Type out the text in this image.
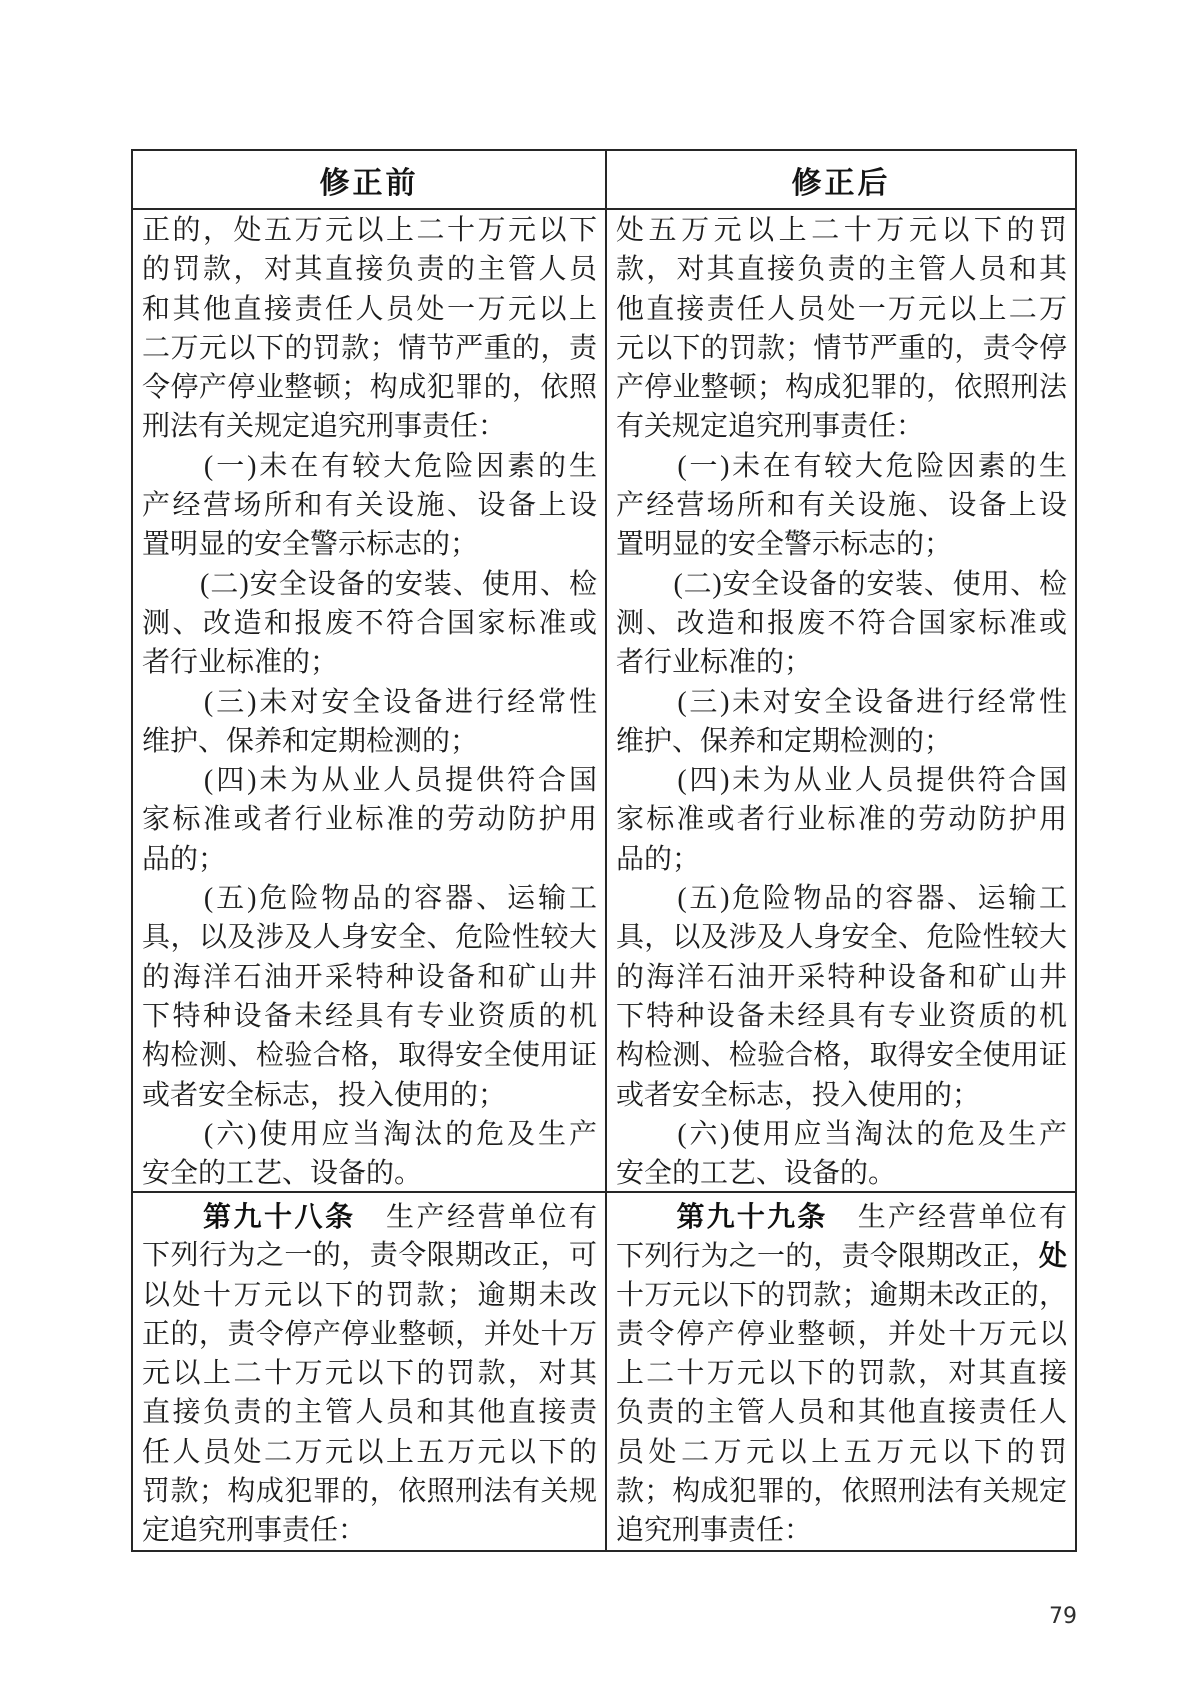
修正前	修正后
正的，处五万元以上二十万元以下
的罚款，对其直接负责的主管人员
和其他直接责任人员处一万元以上
二万元以下的罚款；情节严重的，责
令停产停业整顿；构成犯罪的，依照
刑法有关规定追究刑事责任：
　　(一)未在有较大危险因素的生
产经营场所和有关设施、设备上设
置明显的安全警示标志的；
　　(二)安全设备的安装、使用、检
测、改造和报废不符合国家标准或
者行业标准的；
　　(三)未对安全设备进行经常性
维护、保养和定期检测的；
　　(四)未为从业人员提供符合国
家标准或者行业标准的劳动防护用
品的；
　　(五)危险物品的容器、运输工
具，以及涉及人身安全、危险性较大
的海洋石油开采特种设备和矿山井
下特种设备未经具有专业资质的机
构检测、检验合格，取得安全使用证
或者安全标志，投入使用的；
　　(六)使用应当淘汰的危及生产
安全的工艺、设备的。
处五万元以上二十万元以下的罚
款，对其直接负责的主管人员和其
他直接责任人员处一万元以上二万
元以下的罚款；情节严重的，责令停
产停业整顿；构成犯罪的，依照刑法
有关规定追究刑事责任：
　　(一)未在有较大危险因素的生
产经营场所和有关设施、设备上设
置明显的安全警示标志的；
　　(二)安全设备的安装、使用、检
测、改造和报废不符合国家标准或
者行业标准的；
　　(三)未对安全设备进行经常性
维护、保养和定期检测的；
　　(四)未为从业人员提供符合国
家标准或者行业标准的劳动防护用
品的；
　　(五)危险物品的容器、运输工
具，以及涉及人身安全、危险性较大
的海洋石油开采特种设备和矿山井
下特种设备未经具有专业资质的机
构检测、检验合格，取得安全使用证
或者安全标志，投入使用的；
　　(六)使用应当淘汰的危及生产
安全的工艺、设备的。
　　第九十八条　生产经营单位有
下列行为之一的，责令限期改正，可
以处十万元以下的罚款；逾期未改
正的，责令停产停业整顿，并处十万
元以上二十万元以下的罚款，对其
直接负责的主管人员和其他直接责
任人员处二万元以上五万元以下的
罚款；构成犯罪的，依照刑法有关规
定追究刑事责任：
　　第九十九条　生产经营单位有
下列行为之一的，责令限期改正，处
十万元以下的罚款；逾期未改正的，
责令停产停业整顿，并处十万元以
上二十万元以下的罚款，对其直接
负责的主管人员和其他直接责任人
员处二万元以上五万元以下的罚
款；构成犯罪的，依照刑法有关规定
追究刑事责任：
79
